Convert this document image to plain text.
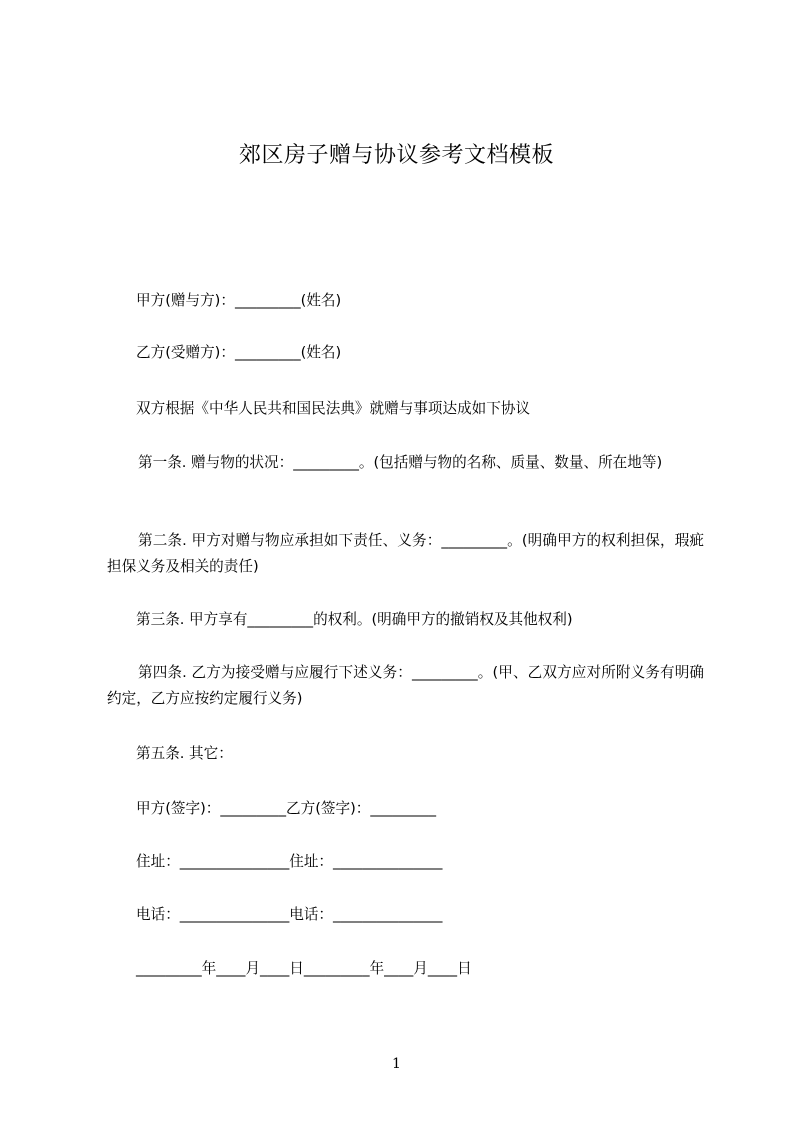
郊区房子赠与协议参考文档模板
甲方(赠与方)：_________(姓名)
乙方(受赠方)：_________(姓名)
双方根据《中华人民共和国民法典》就赠与事项达成如下协议
第一条. 赠与物的状况：_________。(包括赠与物的名称、质量、数量、所在地等)
第二条. 甲方对赠与物应承担如下责任、义务：_________。(明确甲方的权利担保，瑕疵担保义务及相关的责任)
第三条. 甲方享有_________的权利。(明确甲方的撤销权及其他权利)
第四条. 乙方为接受赠与应履行下述义务：_________。(甲、乙双方应对所附义务有明确约定，乙方应按约定履行义务)
第五条. 其它：
甲方(签字)：_________乙方(签字)：_________
住址：_______________住址：_______________
电话：_______________电话：_______________
_________年____月____日_________年____月____日
1
